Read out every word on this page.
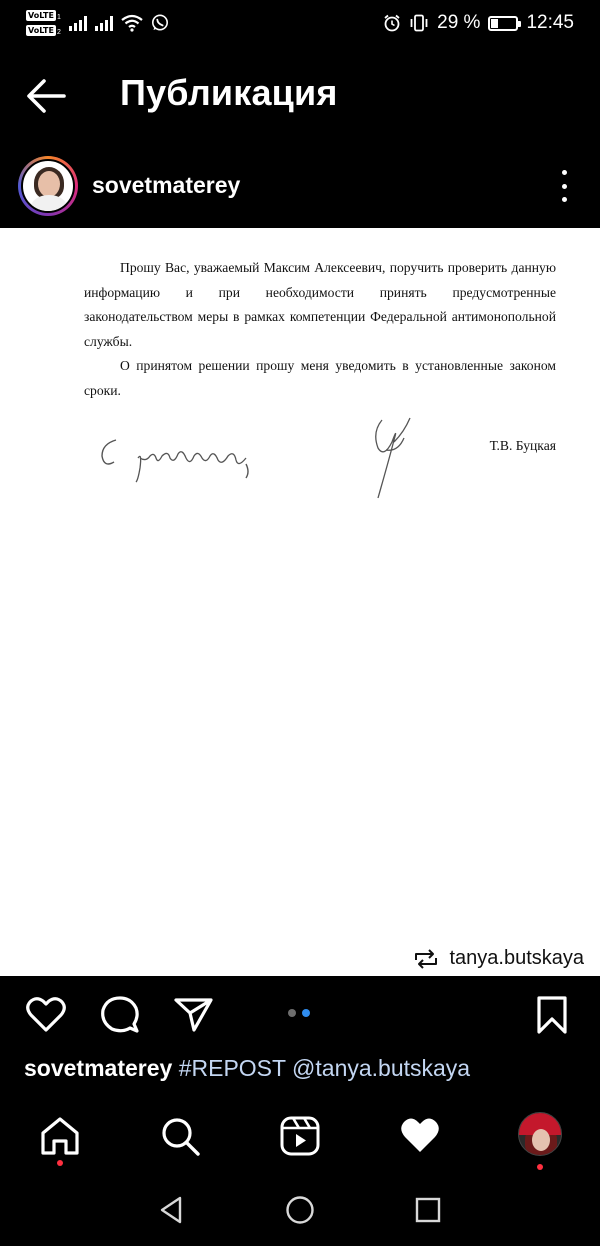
VoLTE 1
VoLTE 2	29 % ⚡ 12:45
Публикация
sovetmaterey

Прошу Вас, уважаемый Максим Алексеевич, поручить проверить данную информацию и при необходимости принять предусмотренные законодательством меры в рамках компетенции Федеральной антимонопольной службы.

О принятом решении прошу меня уведомить в установленные законом сроки.

Т.В. Буцкая
tanya.butskaya
sovetmaterey #REPOST @tanya.butskaya
